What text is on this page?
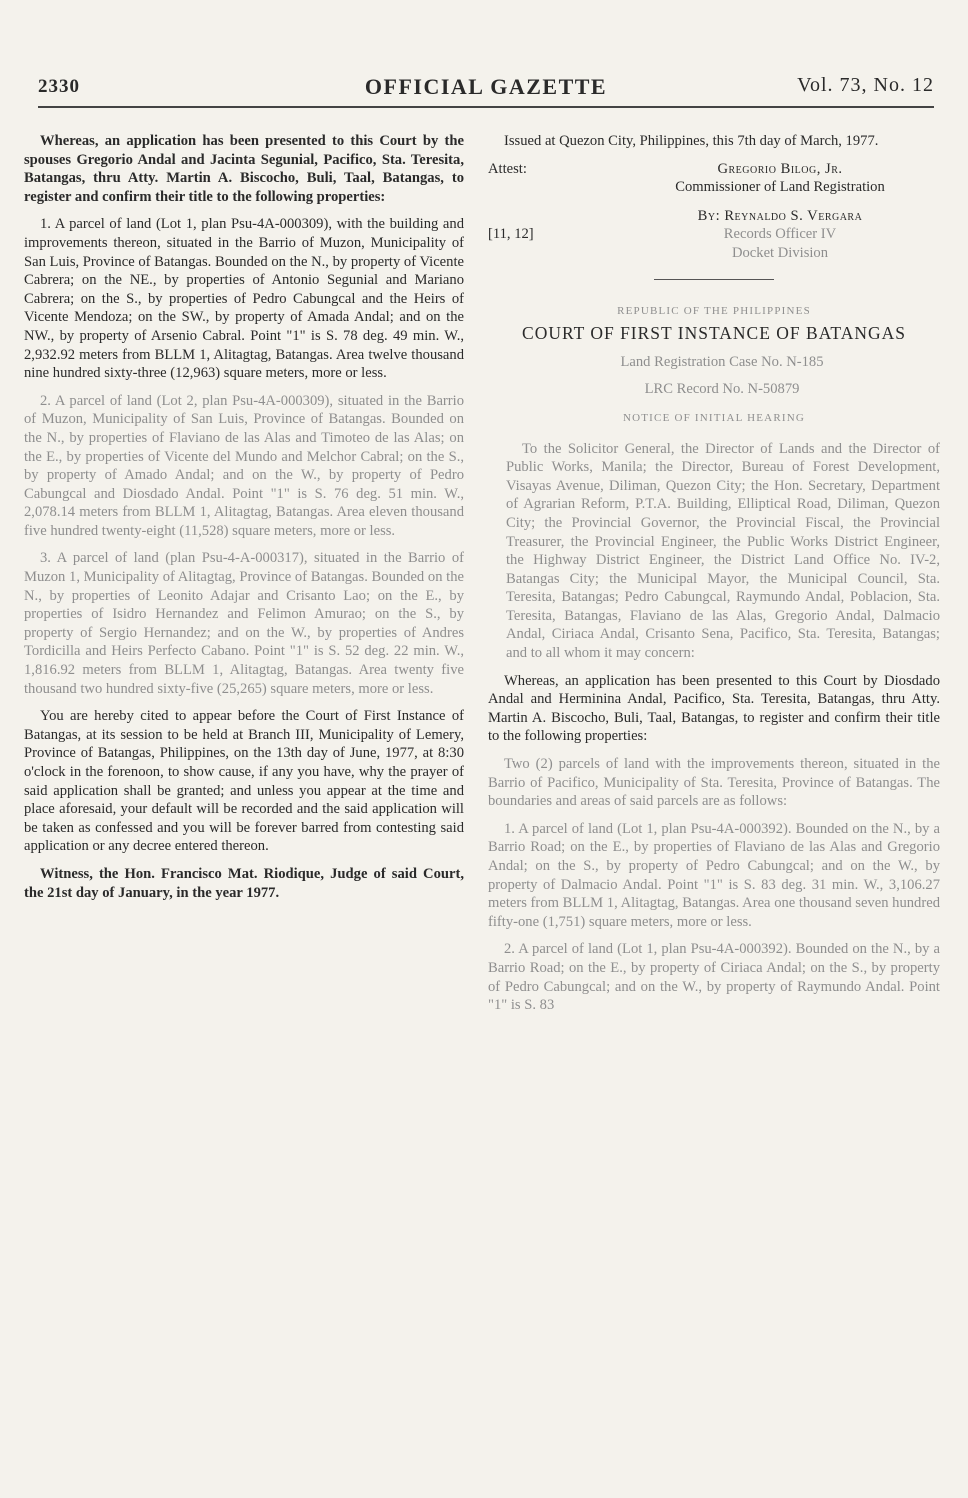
2330	OFFICIAL GAZETTE	Vol. 73, No. 12

Whereas, an application has been presented to this Court by the spouses Gregorio Andal and Jacinta Segunial, Pacifico, Sta. Teresita, Batangas, thru Atty. Martin A. Biscocho, Buli, Taal, Batangas, to register and confirm their title to the following properties:

1. A parcel of land (Lot 1, plan Psu-4A-000309), with the building and improvements thereon, situated in the Barrio of Muzon, Municipality of San Luis, Province of Batangas. Bounded on the N., by property of Vicente Cabrera; on the NE., by properties of Antonio Segunial and Mariano Cabrera; on the S., by properties of Pedro Cabungcal and the Heirs of Vicente Mendoza; on the SW., by property of Amada Andal; and on the NW., by property of Arsenio Cabral. Point "1" is S. 78 deg. 49 min. W., 2,932.92 meters from BLLM 1, Alitagtag, Batangas. Area twelve thousand nine hundred sixty-three (12,963) square meters, more or less.

2. A parcel of land (Lot 2, plan Psu-4A-000309), situated in the Barrio of Muzon, Municipality of San Luis, Province of Batangas. Bounded on the N., by properties of Flaviano de las Alas and Timoteo de las Alas; on the E., by properties of Vicente del Mundo and Melchor Cabral; on the S., by property of Amado Andal; and on the W., by property of Pedro Cabungcal and Diosdado Andal. Point "1" is S. 76 deg. 51 min. W., 2,078.14 meters from BLLM 1, Alitagtag, Batangas. Area eleven thousand five hundred twenty-eight (11,528) square meters, more or less.

3. A parcel of land (plan Psu-4-A-000317), situated in the Barrio of Muzon 1, Municipality of Alitagtag, Province of Batangas. Bounded on the N., by properties of Leonito Adajar and Crisanto Lao; on the E., by properties of Isidro Hernandez and Felimon Amurao; on the S., by property of Sergio Hernandez; and on the W., by properties of Andres Tordicilla and Heirs Perfecto Cabano. Point "1" is S. 52 deg. 22 min. W., 1,816.92 meters from BLLM 1, Alitagtag, Batangas. Area twenty five thousand two hundred sixty-five (25,265) square meters, more or less.

You are hereby cited to appear before the Court of First Instance of Batangas, at its session to be held at Branch III, Municipality of Lemery, Province of Batangas, Philippines, on the 13th day of June, 1977, at 8:30 o'clock in the forenoon, to show cause, if any you have, why the prayer of said application shall be granted; and unless you appear at the time and place aforesaid, your default will be recorded and the said application will be taken as confessed and you will be forever barred from contesting said application or any decree entered thereon.

Witness, the Hon. Francisco Mat. Riodique, Judge of said Court, the 21st day of January, in the year 1977.

Issued at Quezon City, Philippines, this 7th day of March, 1977.

Attest:	Gregorio Bilog, Jr.
Commissioner of Land Registration
[11, 12]
By: Reynaldo S. Vergara
Records Officer IV
Docket Division
REPUBLIC OF THE PHILIPPINES
COURT OF FIRST INSTANCE OF BATANGAS

Land Registration Case No. N-185

LRC Record No. N-50879

NOTICE OF INITIAL HEARING

To the Solicitor General, the Director of Lands and the Director of Public Works, Manila; the Director, Bureau of Forest Development, Visayas Avenue, Diliman, Quezon City; the Hon. Secretary, Department of Agrarian Reform, P.T.A. Building, Elliptical Road, Diliman, Quezon City; the Provincial Governor, the Provincial Fiscal, the Provincial Treasurer, the Provincial Engineer, the Public Works District Engineer, the Highway District Engineer, the District Land Office No. IV-2, Batangas City; the Municipal Mayor, the Municipal Council, Sta. Teresita, Batangas; Pedro Cabungcal, Raymundo Andal, Poblacion, Sta. Teresita, Batangas, Flaviano de las Alas, Gregorio Andal, Dalmacio Andal, Ciriaca Andal, Crisanto Sena, Pacifico, Sta. Teresita, Batangas; and to all whom it may concern:

Whereas, an application has been presented to this Court by Diosdado Andal and Herminina Andal, Pacifico, Sta. Teresita, Batangas, thru Atty. Martin A. Biscocho, Buli, Taal, Batangas, to register and confirm their title to the following properties:

Two (2) parcels of land with the improvements thereon, situated in the Barrio of Pacifico, Municipality of Sta. Teresita, Province of Batangas. The boundaries and areas of said parcels are as follows:

1. A parcel of land (Lot 1, plan Psu-4A-000392). Bounded on the N., by a Barrio Road; on the E., by properties of Flaviano de las Alas and Gregorio Andal; on the S., by property of Pedro Cabungcal; and on the W., by property of Dalmacio Andal. Point "1" is S. 83 deg. 31 min. W., 3,106.27 meters from BLLM 1, Alitagtag, Batangas. Area one thousand seven hundred fifty-one (1,751) square meters, more or less.

2. A parcel of land (Lot 1, plan Psu-4A-000392). Bounded on the N., by a Barrio Road; on the E., by property of Ciriaca Andal; on the S., by property of Pedro Cabungcal; and on the W., by property of Raymundo Andal. Point "1" is S. 83
